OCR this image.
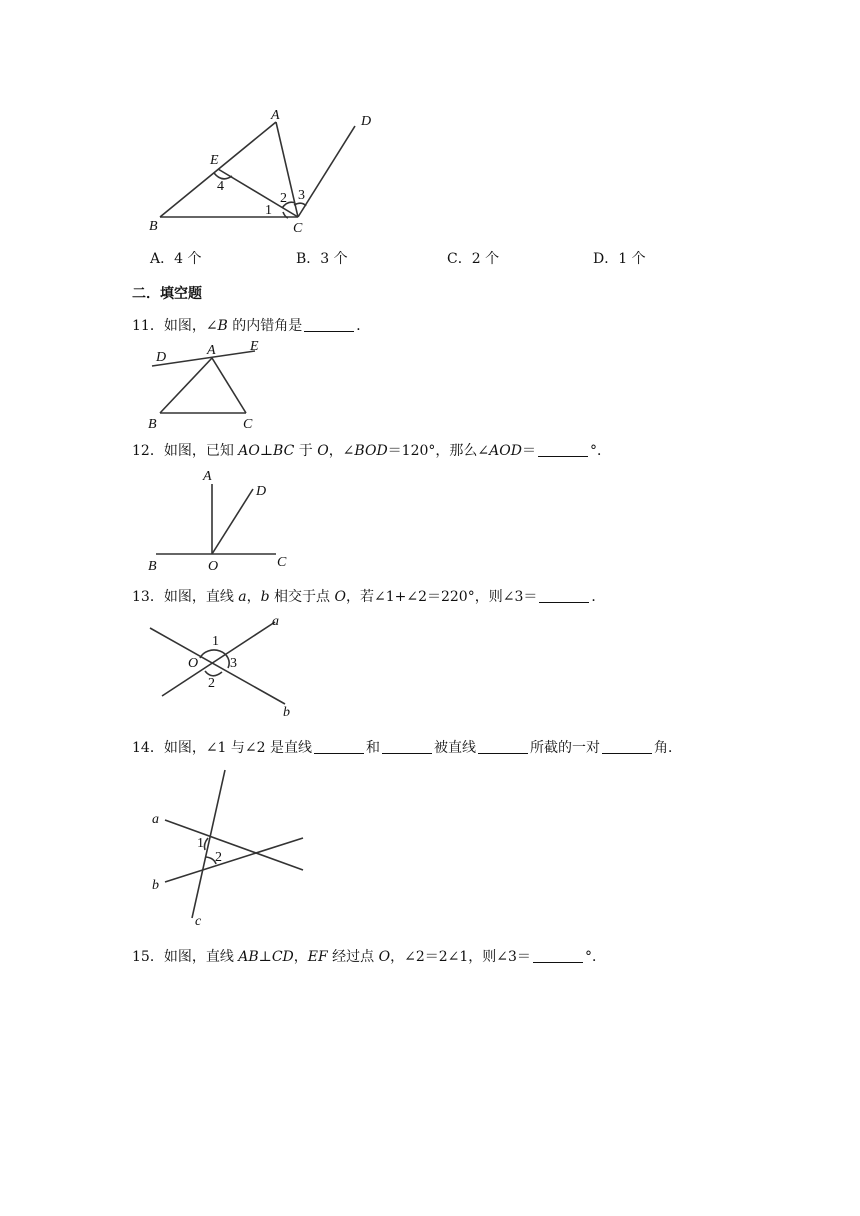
A
B	C
D
E
1
2 3
4
A．4 个	B．3 个	C．2 个	D．1 个
二．填空题
11．如图，∠B 的内错角是	．
D	A E
B	C
12．如图，已知 AO⊥BC 于 O，∠BOD＝120°，那么∠AOD＝	°．
A
D
B	O	C
13．如图，直线 a，b 相交于点 O，若∠1+∠2＝220°，则∠3＝	．
a
b
O
1
2
3
14．如图，∠1 与∠2 是直线	和	被直线	所截的一对	角．
a
b
c
1
2
15．如图，直线 AB⊥CD，EF 经过点 O，∠2＝2∠1，则∠3＝	°．
